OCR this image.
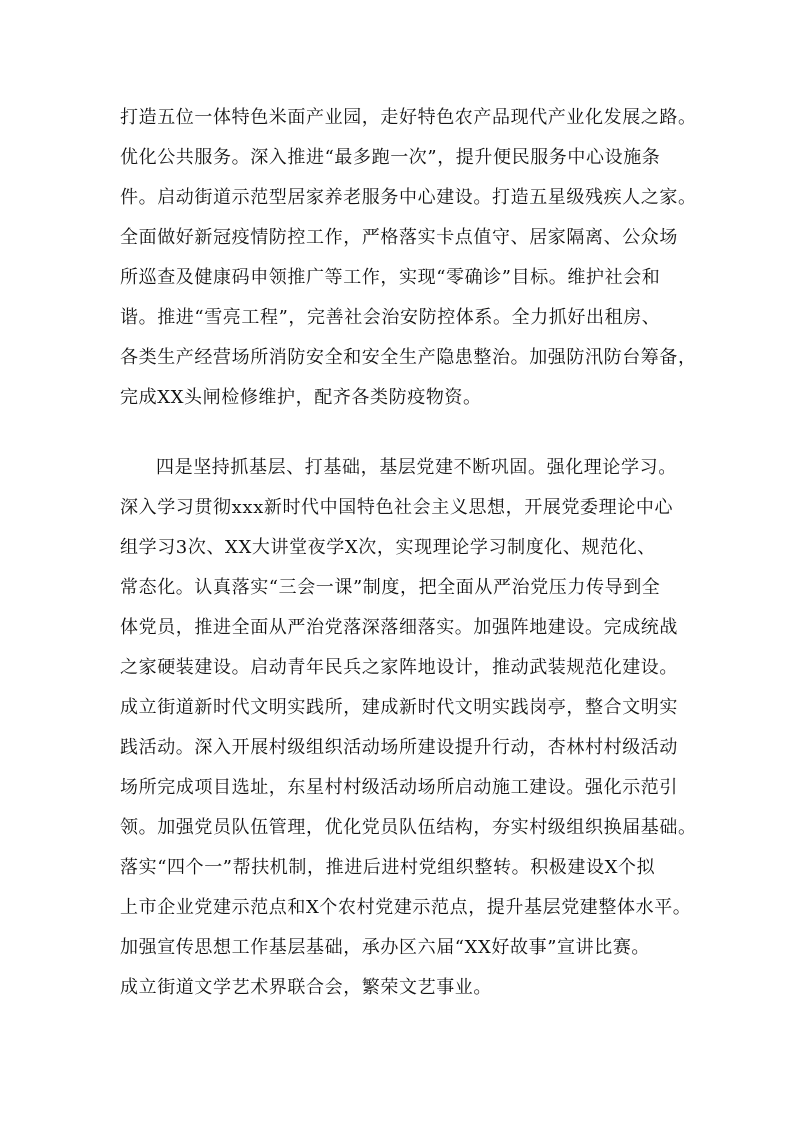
打造五位一体特色米面产业园，走好特色农产品现代产业化发展之路。
优化公共服务。深入推进“最多跑一次”，提升便民服务中心设施条
件。启动街道示范型居家养老服务中心建设。打造五星级残疾人之家。
全面做好新冠疫情防控工作，严格落实卡点值守、居家隔离、公众场
所巡查及健康码申领推广等工作，实现“零确诊”目标。维护社会和
谐。推进“雪亮工程”，完善社会治安防控体系。全力抓好出租房、
各类生产经营场所消防安全和安全生产隐患整治。加强防汛防台筹备，
完成XX头闸检修维护，配齐各类防疫物资。
四是坚持抓基层、打基础，基层党建不断巩固。强化理论学习。
深入学习贯彻xxx新时代中国特色社会主义思想，开展党委理论中心
组学习3次、XX大讲堂夜学X次，实现理论学习制度化、规范化、
常态化。认真落实“三会一课”制度，把全面从严治党压力传导到全
体党员，推进全面从严治党落深落细落实。加强阵地建设。完成统战
之家硬装建设。启动青年民兵之家阵地设计，推动武装规范化建设。
成立街道新时代文明实践所，建成新时代文明实践岗亭，整合文明实
践活动。深入开展村级组织活动场所建设提升行动，杏林村村级活动
场所完成项目选址，东星村村级活动场所启动施工建设。强化示范引
领。加强党员队伍管理，优化党员队伍结构，夯实村级组织换届基础。
落实“四个一”帮扶机制，推进后进村党组织整转。积极建设X个拟
上市企业党建示范点和X个农村党建示范点，提升基层党建整体水平。
加强宣传思想工作基层基础，承办区六届“XX好故事”宣讲比赛。
成立街道文学艺术界联合会，繁荣文艺事业。
